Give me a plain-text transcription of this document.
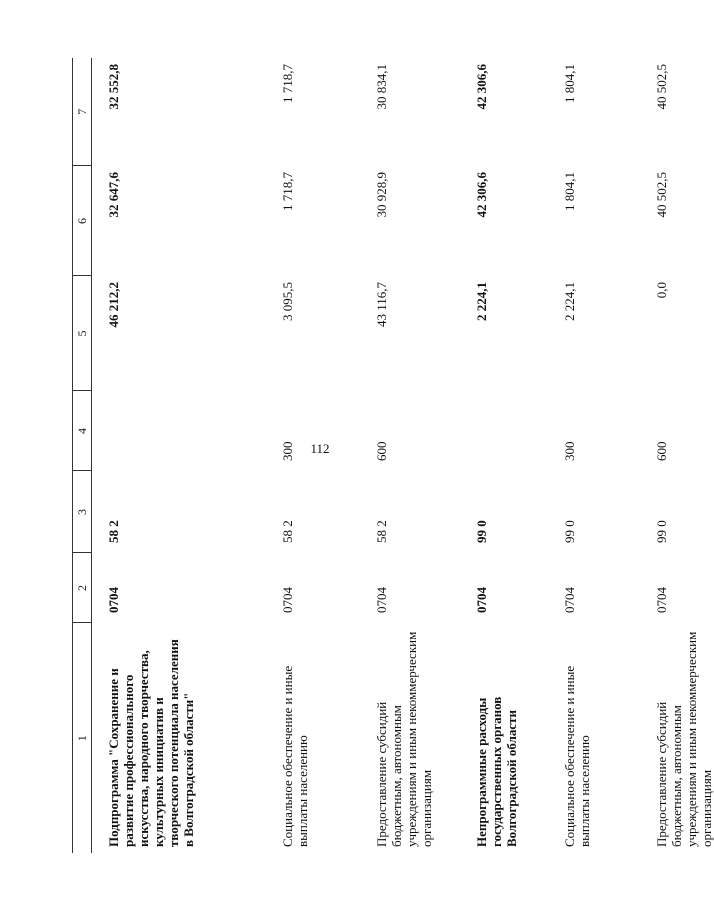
112
1	2	3	4	5	6	7
Подпрограмма "Сохранение и развитие профессионального искусства, народного творчества, культурных инициатив и творческого потенциала населения в Волгоградской области"	0704	58 2		46 212,2	32 647,6	32 552,8
Социальное обеспечение и иные выплаты населению	0704	58 2	300	3 095,5	1 718,7	1 718,7
Предоставление субсидий бюджетным, автономным учреждениям и иным некоммерческим организациям	0704	58 2	600	43 116,7	30 928,9	30 834,1
Непрограммные расходы государственных органов Волгоградской области	0704	99 0		2 224,1	42 306,6	42 306,6
Социальное обеспечение и иные выплаты населению	0704	99 0	300	2 224,1	1 804,1	1 804,1
Предоставление субсидий бюджетным, автономным учреждениям и иным некоммерческим организациям	0704	99 0	600	0,0	40 502,5	40 502,5
